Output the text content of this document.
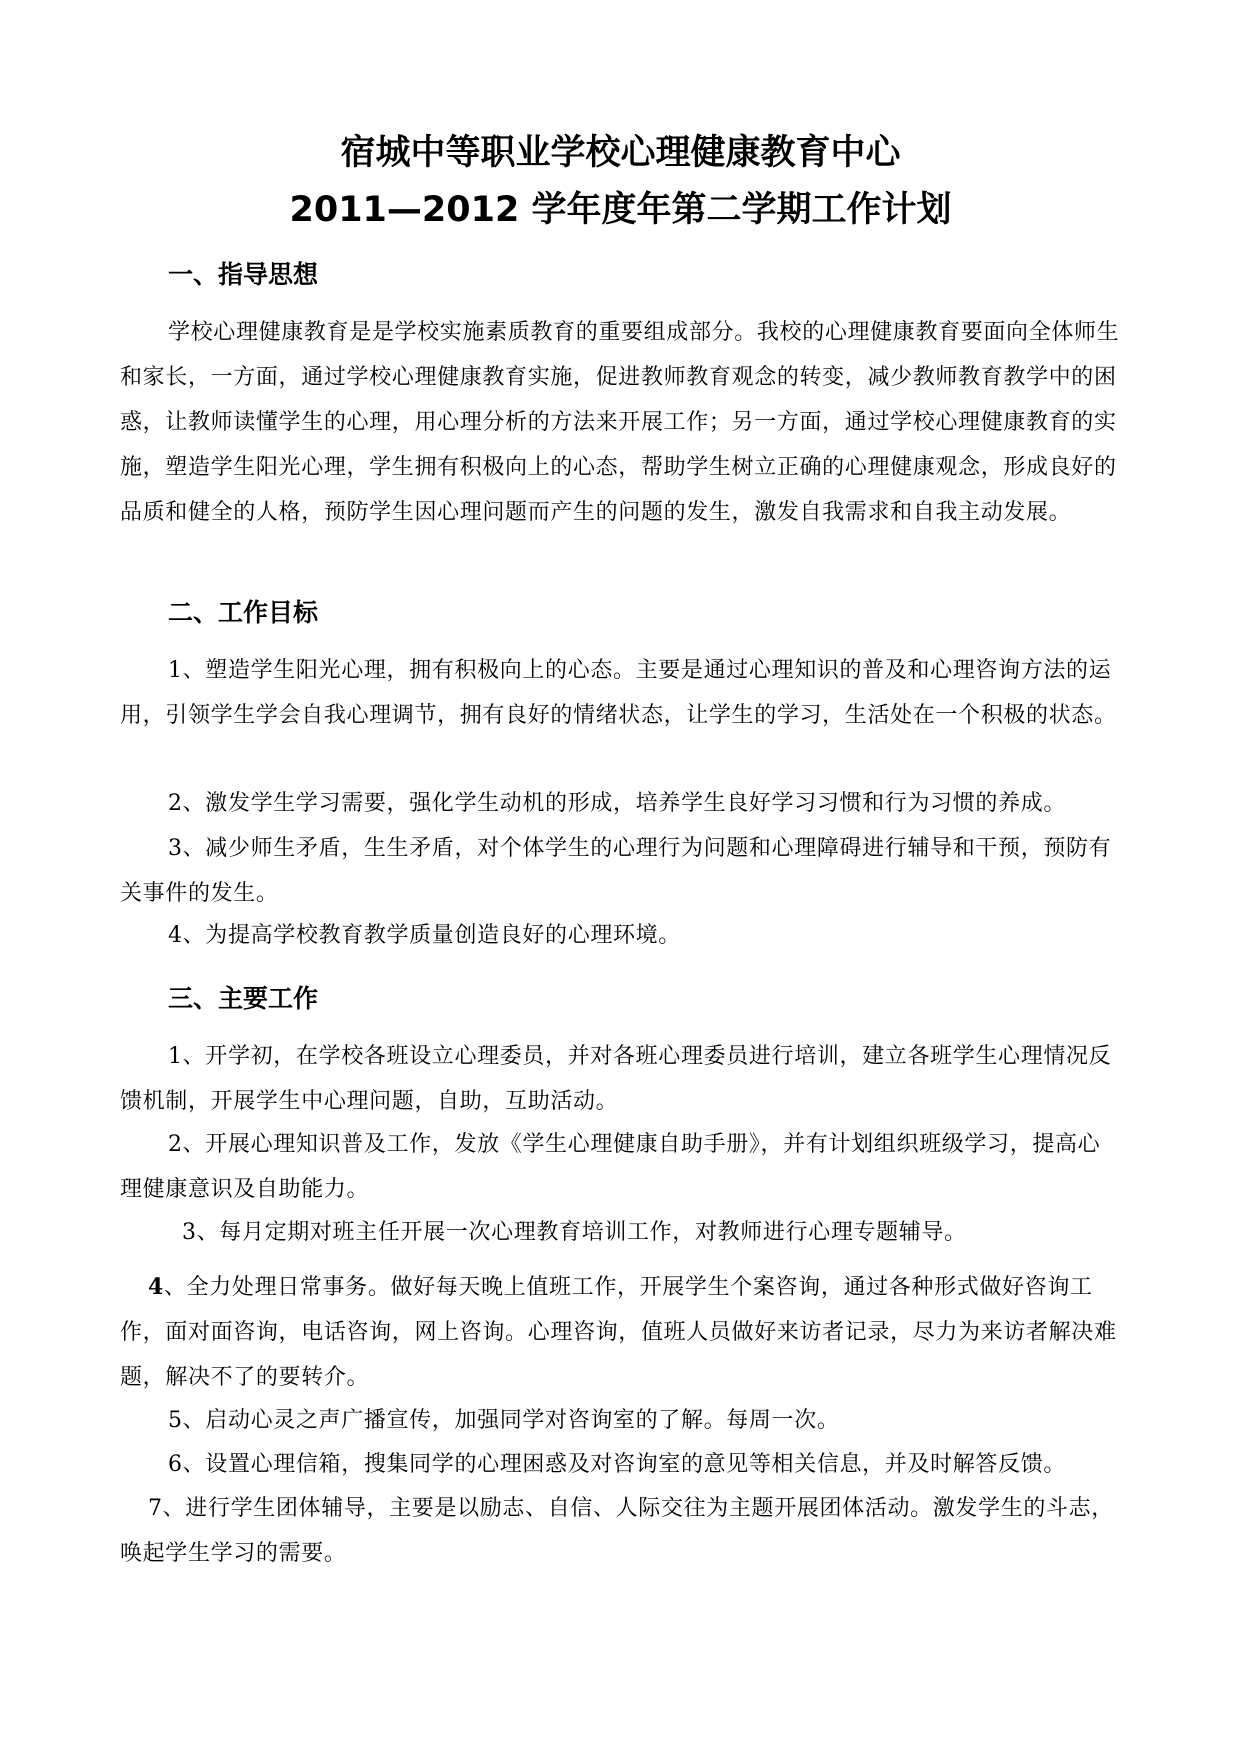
宿城中等职业学校心理健康教育中心
2011—2012 学年度年第二学期工作计划
一、指导思想

学校心理健康教育是是学校实施素质教育的重要组成部分。我校的心理健康教育要面向全体师生和家长，一方面，通过学校心理健康教育实施，促进教师教育观念的转变，减少教师教育教学中的困惑，让教师读懂学生的心理，用心理分析的方法来开展工作；另一方面，通过学校心理健康教育的实施，塑造学生阳光心理，学生拥有积极向上的心态，帮助学生树立正确的心理健康观念，形成良好的品质和健全的人格，预防学生因心理问题而产生的问题的发生，激发自我需求和自我主动发展。

二、工作目标

1、塑造学生阳光心理，拥有积极向上的心态。主要是通过心理知识的普及和心理咨询方法的运用，引领学生学会自我心理调节，拥有良好的情绪状态，让学生的学习，生活处在一个积极的状态。

2、激发学生学习需要，强化学生动机的形成，培养学生良好学习习惯和行为习惯的养成。

3、减少师生矛盾，生生矛盾，对个体学生的心理行为问题和心理障碍进行辅导和干预，预防有关事件的发生。

4、为提高学校教育教学质量创造良好的心理环境。

三、主要工作

1、开学初，在学校各班设立心理委员，并对各班心理委员进行培训，建立各班学生心理情况反馈机制，开展学生中心理问题，自助，互助活动。

2、开展心理知识普及工作，发放《学生心理健康自助手册》，并有计划组织班级学习，提高心理健康意识及自助能力。

3、每月定期对班主任开展一次心理教育培训工作，对教师进行心理专题辅导。

4、全力处理日常事务。做好每天晚上值班工作，开展学生个案咨询，通过各种形式做好咨询工作，面对面咨询，电话咨询，网上咨询。心理咨询，值班人员做好来访者记录，尽力为来访者解决难题，解决不了的要转介。

5、启动心灵之声广播宣传，加强同学对咨询室的了解。每周一次。

6、设置心理信箱，搜集同学的心理困惑及对咨询室的意见等相关信息，并及时解答反馈。

7、进行学生团体辅导，主要是以励志、自信、人际交往为主题开展团体活动。激发学生的斗志，唤起学生学习的需要。
